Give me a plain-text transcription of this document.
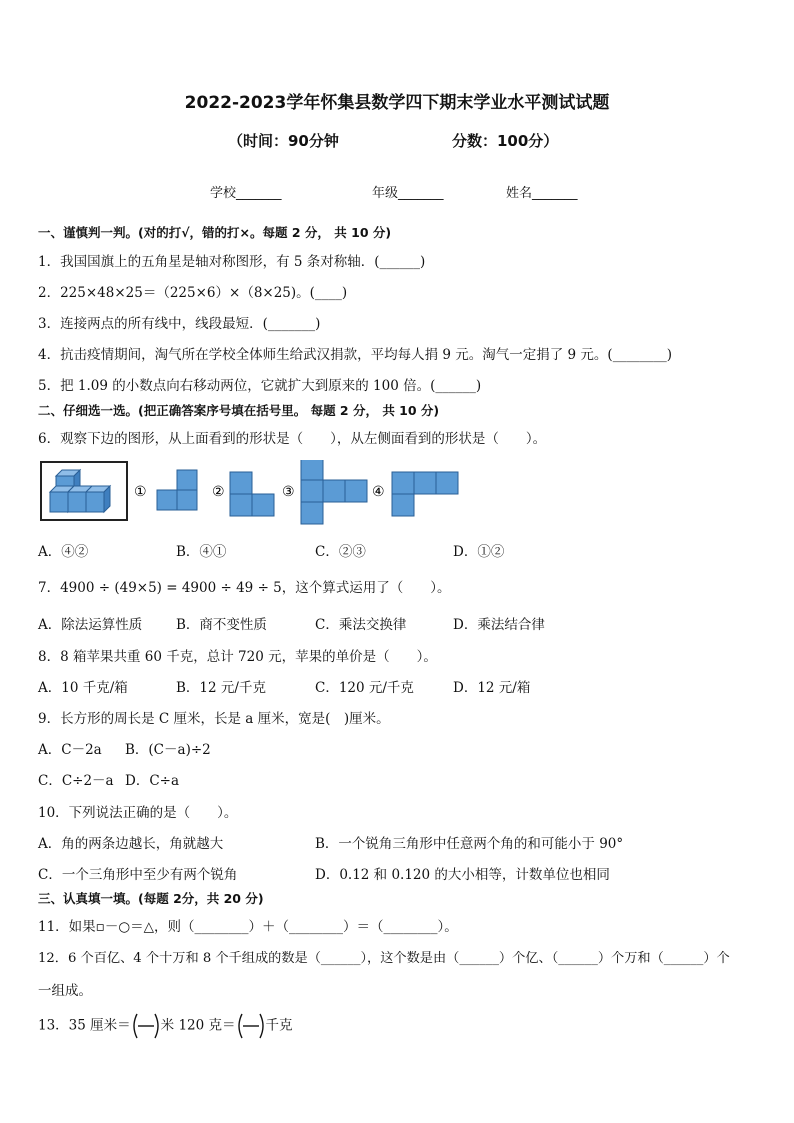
2022-2023学年怀集县数学四下期末学业水平测试试题
（时间：90分钟	分数：100分）
学校_______	年级_______	姓名_______
一、谨慎判一判。(对的打√，错的打×。每题 2 分， 共 10 分)
1．我国国旗上的五角星是轴对称图形，有 5 条对称轴．(______)
2．225×48×25＝（225×6）×（8×25)。(____)
3．连接两点的所有线中，线段最短．(_______)
4．抗击疫情期间，淘气所在学校全体师生给武汉捐款，平均每人捐 9 元。淘气一定捐了 9 元。(________)
5．把 1.09 的小数点向右移动两位，它就扩大到原来的 100 倍。(______)
二、仔细选一选。(把正确答案序号填在括号里。 每题 2 分， 共 10 分)
6．观察下边的图形，从上面看到的形状是（　　），从左侧面看到的形状是（　　）。
①	②	③	④
A．④②	B．④①	C．②③	D．①②
7．4900 ÷ (49×5) = 4900 ÷ 49 ÷ 5，这个算式运用了（　　）。
A．除法运算性质	B．商不变性质	C．乘法交换律	D．乘法结合律
8．8 箱苹果共重 60 千克，总计 720 元，苹果的单价是（　　）。
A．10 千克/箱	B．12 元/千克	C．120 元/千克	D．12 元/箱
9．长方形的周长是 C 厘米，长是 a 厘米，宽是(　)厘米。
A．C－2a B．(C－a)÷2
C．C÷2－a D．C÷a
10．下列说法正确的是（　　）。
A．角的两条边越长，角就越大	B．一个锐角三角形中任意两个角的和可能小于 90°
C．一个三角形中至少有两个锐角	D．0.12 和 0.120 的大小相等，计数单位也相同
三、认真填一填。(每题 2分，共 20 分)
11．如果▫－○＝△，则（________）＋（________）＝（________）。
12．6 个百亿、4 个十万和 8 个千组成的数是（______），这个数是由（______）个亿、（______）个万和（______）个
一组成。
13．35 厘米＝ 米 120 克＝ 千克
